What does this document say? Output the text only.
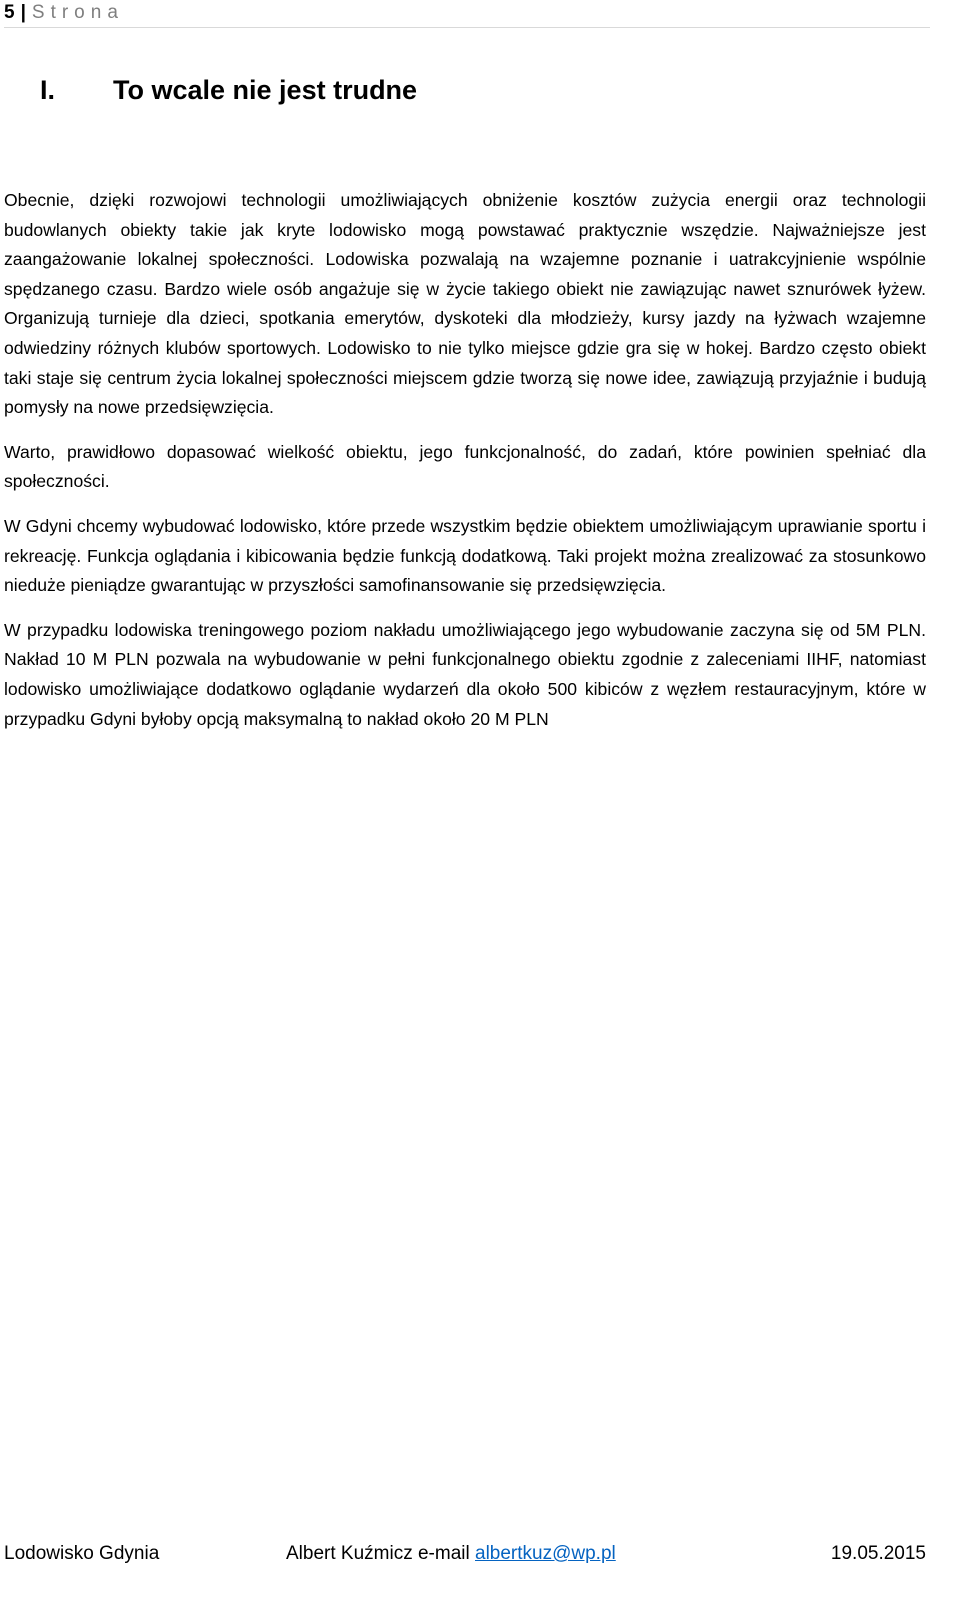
5 | Strona
I. To wcale nie jest trudne

Obecnie, dzięki rozwojowi technologii umożliwiających obniżenie kosztów zużycia energii oraz technologii budowlanych obiekty takie jak kryte lodowisko mogą powstawać praktycznie wszędzie. Najważniejsze jest zaangażowanie lokalnej społeczności. Lodowiska pozwalają na wzajemne poznanie i uatrakcyjnienie wspólnie spędzanego czasu. Bardzo wiele osób angażuje się w życie takiego obiekt nie zawiązując nawet sznurówek łyżew. Organizują turnieje dla dzieci, spotkania emerytów, dyskoteki dla młodzieży, kursy jazdy na łyżwach wzajemne odwiedziny różnych klubów sportowych. Lodowisko to nie tylko miejsce gdzie gra się w hokej. Bardzo często obiekt taki staje się centrum życia lokalnej społeczności miejscem gdzie tworzą się nowe idee, zawiązują przyjaźnie i budują pomysły na nowe przedsięwzięcia.

Warto, prawidłowo dopasować wielkość obiektu, jego funkcjonalność, do zadań, które powinien spełniać dla społeczności.

W Gdyni chcemy wybudować lodowisko, które przede wszystkim będzie obiektem umożliwiającym uprawianie sportu i rekreację. Funkcja oglądania i kibicowania będzie funkcją dodatkową. Taki projekt można zrealizować za stosunkowo nieduże pieniądze gwarantując w przyszłości samofinansowanie się przedsięwzięcia.

W przypadku lodowiska treningowego poziom nakładu umożliwiającego jego wybudowanie zaczyna się od 5M PLN. Nakład 10 M PLN pozwala na wybudowanie w pełni funkcjonalnego obiektu zgodnie z zaleceniami IIHF, natomiast lodowisko umożliwiające dodatkowo oglądanie wydarzeń dla około 500 kibiców z węzłem restauracyjnym, które w przypadku Gdyni byłoby opcją maksymalną to nakład około 20 M PLN

Lodowisko Gdynia	Albert Kuźmicz e-mail albertkuz@wp.pl	19.05.2015
